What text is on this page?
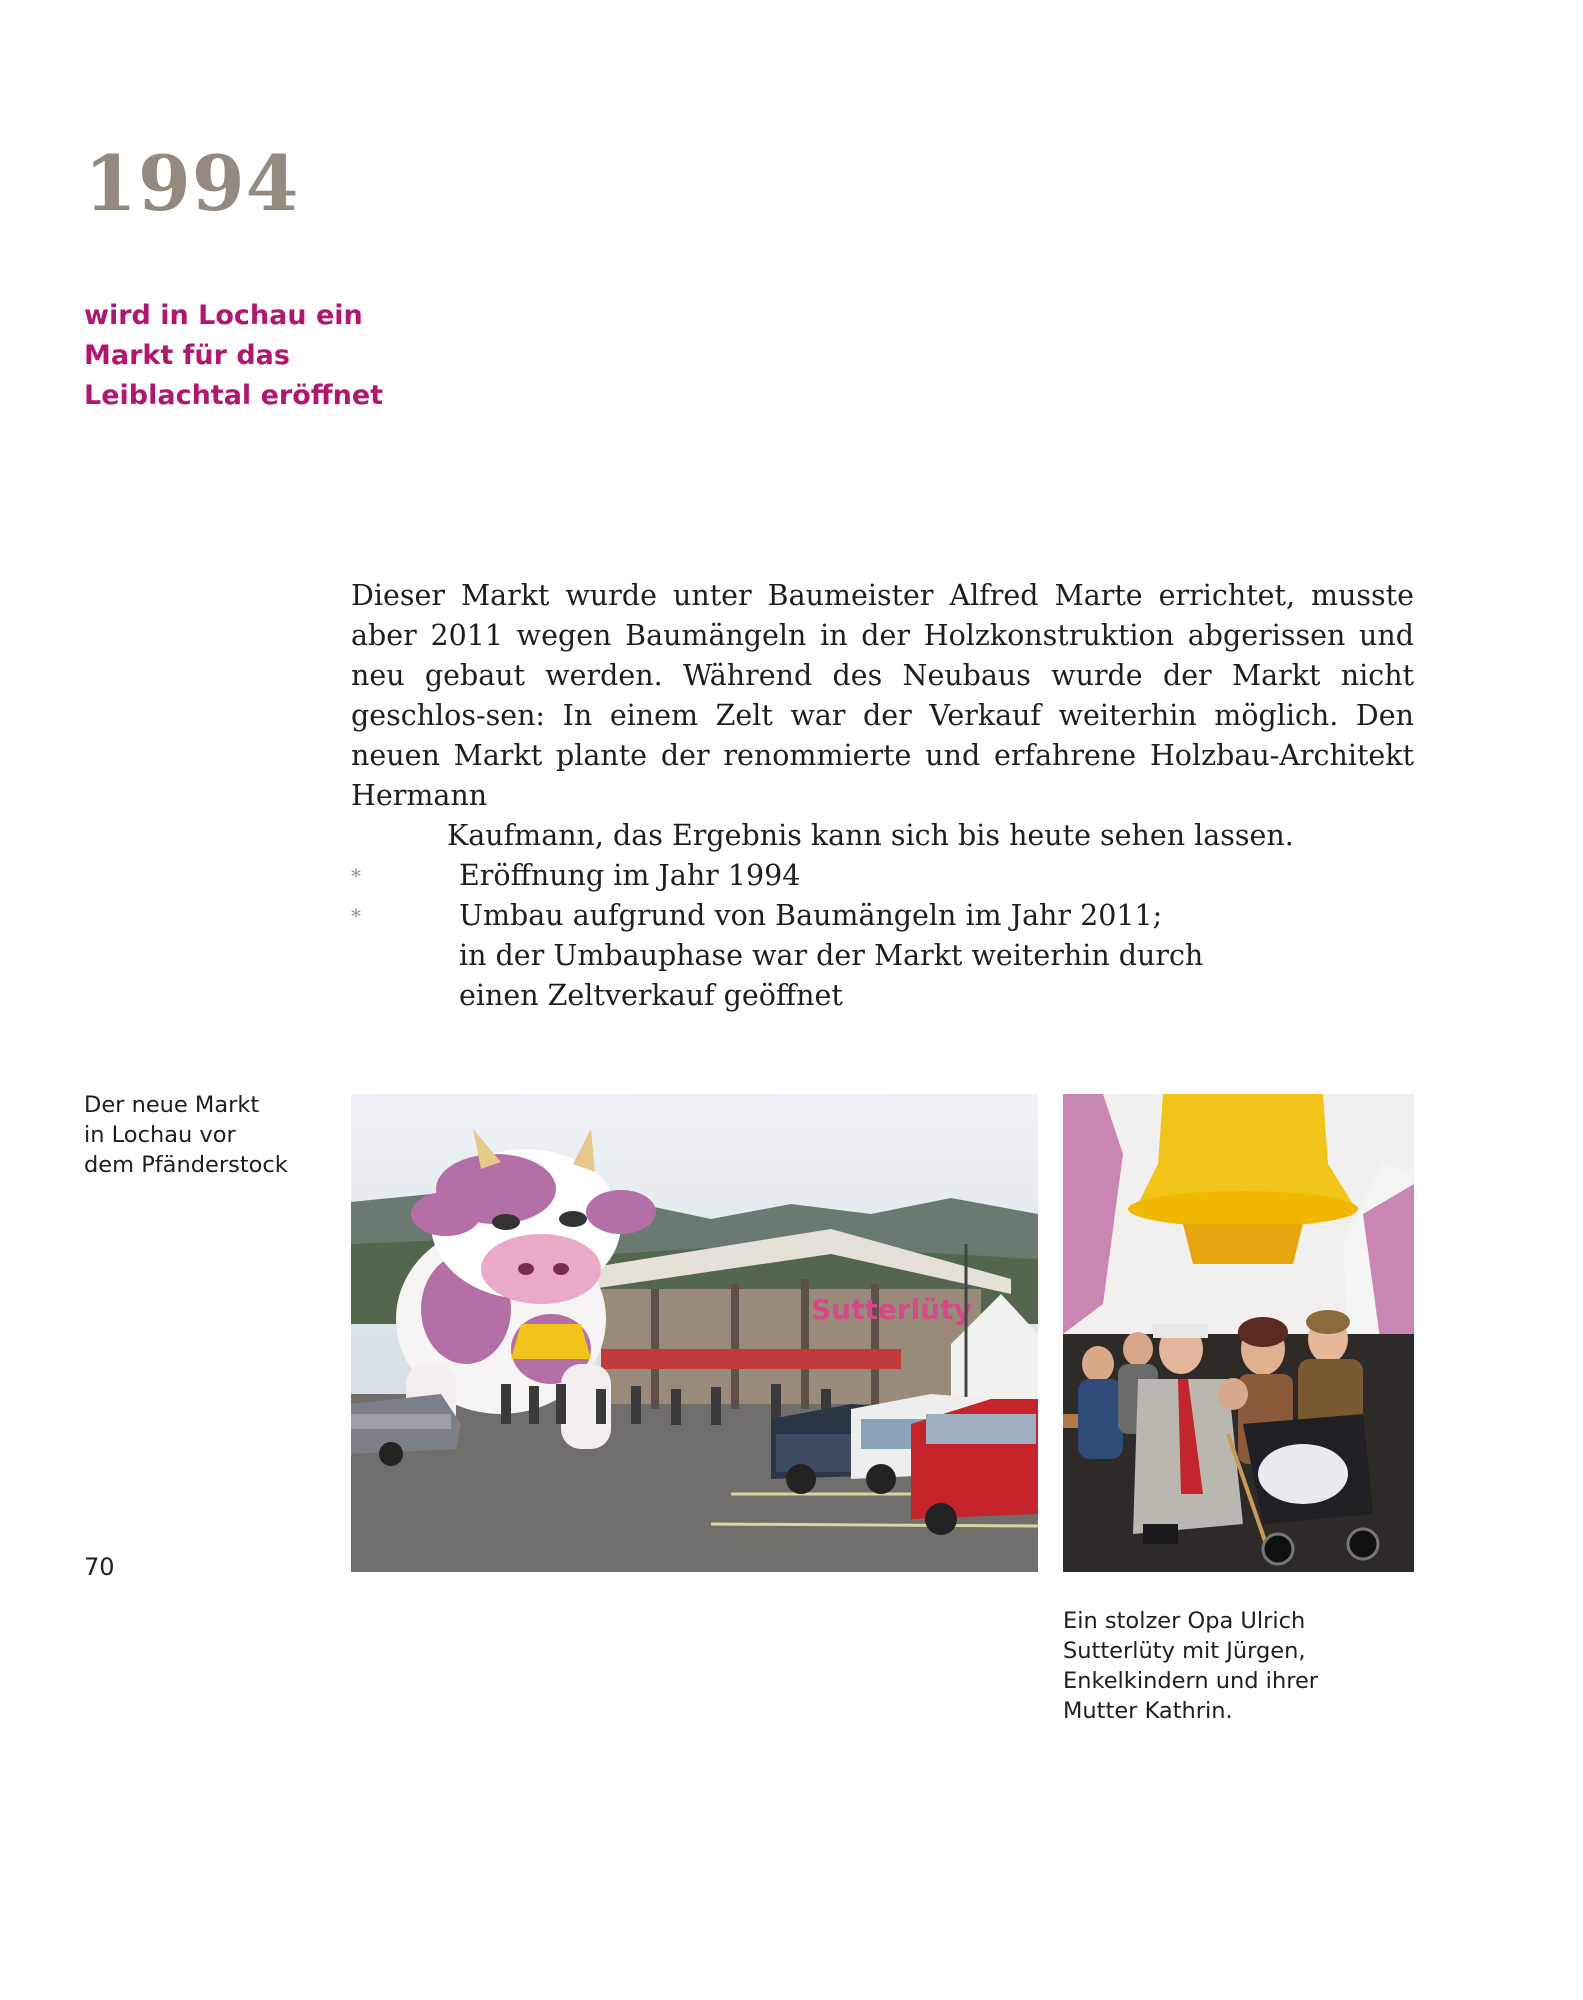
1994

wird in Lochau ein
Markt für das
Leiblachtal eröffnet

Dieser Markt wurde unter Baumeister Alfred Marte errichtet, musste aber 2011 wegen Baumängeln in der Holzkonstruktion abgerissen und neu gebaut werden. Während des Neubaus wurde der Markt nicht geschlos-sen: In einem Zelt war der Verkauf weiterhin möglich. Den neuen Markt plante der renommierte und erfahrene Holzbau-Architekt Hermann
Kaufmann, das Ergebnis kann sich bis heute sehen lassen.

*	Eröffnung im Jahr 1994
*	Umbau aufgrund von Baumängeln im Jahr 2011;
in der Umbauphase war der Markt weiterhin durch
einen Zeltverkauf geöffnet

Der neue Markt
in Lochau vor
dem Pfänderstock

Sutterlüty

70

Ein stolzer Opa Ulrich
Sutterlüty mit Jürgen,
Enkelkindern und ihrer
Mutter Kathrin.
